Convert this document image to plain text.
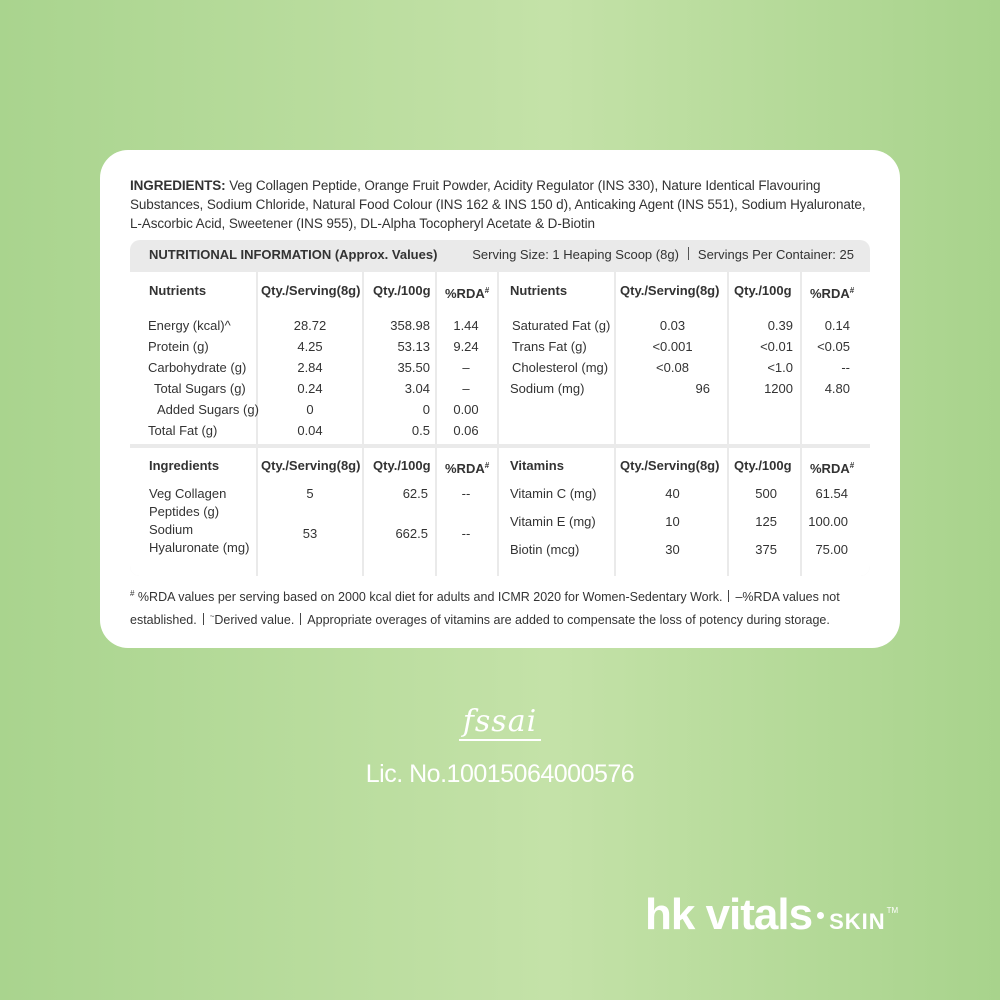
INGREDIENTS: Veg Collagen Peptide, Orange Fruit Powder, Acidity Regulator (INS 330), Nature Identical Flavouring
Substances, Sodium Chloride, Natural Food Colour (INS 162 & INS 150 d), Anticaking Agent (INS 551), Sodium Hyaluronate,
L-Ascorbic Acid, Sweetener (INS 955), DL-Alpha Tocopheryl Acetate & D-Biotin
NUTRITIONAL INFORMATION (Approx. Values)	Serving Size: 1 Heaping Scoop (8g) Servings Per Container: 25
Nutrients	Qty./Serving(8g) Qty./100g %RDA# Nutrients	Qty./Serving(8g) Qty./100g %RDA#
Energy (kcal)^	28.72	358.98	1.44
Protein (g)	4.25	53.13	9.24
Carbohydrate (g)	2.84	35.50	–
Total Sugars (g)	0.24	3.04	–
Added Sugars (g)	0	0	0.00
Total Fat (g)	0.04	0.5	0.06
Saturated Fat (g)	0.03	0.39	0.14
Trans Fat (g)	<0.001	<0.01	<0.05
Cholesterol (mg)	<0.08	<1.0	--
Sodium (mg)	96	1200	4.80
Ingredients	Qty./Serving(8g) Qty./100g %RDA# Vitamins	Qty./Serving(8g) Qty./100g %RDA#
Veg Collagen
Peptides (g)
5	62.5	--
Sodium
Hyaluronate (mg)
53	662.5	--
Vitamin C (mg)	40	500	61.54
Vitamin E (mg)	10	125	100.00
Biotin (mcg)	30	375	75.00
# %RDA values per serving based on 2000 kcal diet for adults and ICMR 2020 for Women-Sedentary Work. –%RDA values not
established. ~Derived value. Appropriate overages of vitamins are added to compensate the loss of potency during storage.
fssai
Lic. No.10015064000576
hk vitals SKIN™
